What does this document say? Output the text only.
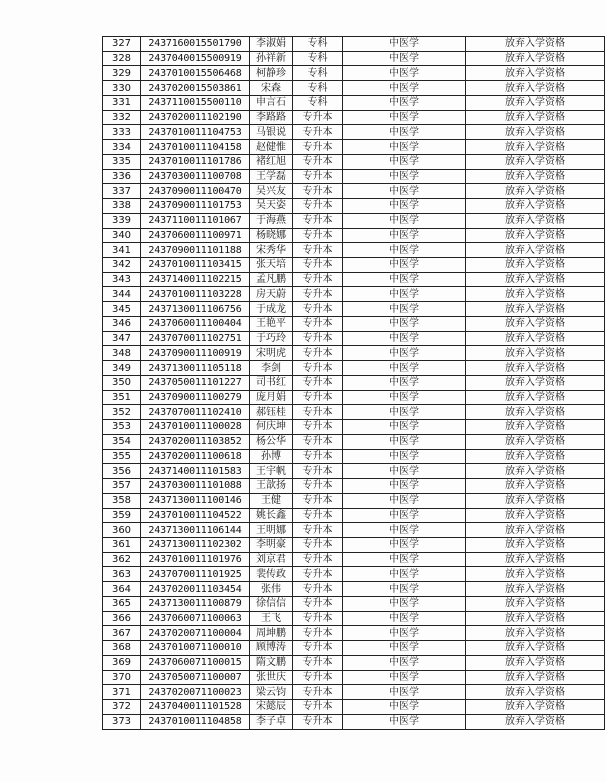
327	2437160015501790	李淑娟	专科	中医学	放弃入学资格
328	2437040015500919	孙祥新	专科	中医学	放弃入学资格
329	2437010015506468	柯静珍	专科	中医学	放弃入学资格
330	2437020015503861	宋森	专科	中医学	放弃入学资格
331	2437110015500110	申言石	专科	中医学	放弃入学资格
332	2437020011102190	李路路	专升本	中医学	放弃入学资格
333	2437010011104753	马银说	专升本	中医学	放弃入学资格
334	2437010011104158	赵健惟	专升本	中医学	放弃入学资格
335	2437010011101786	褚红旭	专升本	中医学	放弃入学资格
336	2437030011100708	王学磊	专升本	中医学	放弃入学资格
337	2437090011100470	吴兴友	专升本	中医学	放弃入学资格
338	2437090011101753	吴天姿	专升本	中医学	放弃入学资格
339	2437110011101067	于海燕	专升本	中医学	放弃入学资格
340	2437060011100971	杨晓娜	专升本	中医学	放弃入学资格
341	2437090011101188	宋秀华	专升本	中医学	放弃入学资格
342	2437010011103415	张天培	专升本	中医学	放弃入学资格
343	2437140011102215	孟凡鹏	专升本	中医学	放弃入学资格
344	2437010011103228	房天蔚	专升本	中医学	放弃入学资格
345	2437130011106756	于成龙	专升本	中医学	放弃入学资格
346	2437060011100404	王艳平	专升本	中医学	放弃入学资格
347	2437070011102751	于巧玲	专升本	中医学	放弃入学资格
348	2437090011100919	宋明虎	专升本	中医学	放弃入学资格
349	2437130011105118	李剑	专升本	中医学	放弃入学资格
350	2437050011101227	司书红	专升本	中医学	放弃入学资格
351	2437090011100279	庞月娟	专升本	中医学	放弃入学资格
352	2437070011102410	郝钰桂	专升本	中医学	放弃入学资格
353	2437010011100028	何庆坤	专升本	中医学	放弃入学资格
354	2437020011103852	杨公华	专升本	中医学	放弃入学资格
355	2437020011100618	孙博	专升本	中医学	放弃入学资格
356	2437140011101583	王宇帆	专升本	中医学	放弃入学资格
357	2437030011101088	王歆扬	专升本	中医学	放弃入学资格
358	2437130011100146	王健	专升本	中医学	放弃入学资格
359	2437010011104522	姚长鑫	专升本	中医学	放弃入学资格
360	2437130011106144	王明娜	专升本	中医学	放弃入学资格
361	2437130011102302	李明豪	专升本	中医学	放弃入学资格
362	2437010011101976	刘京君	专升本	中医学	放弃入学资格
363	2437070011101925	裴传政	专升本	中医学	放弃入学资格
364	2437020011103454	张伟	专升本	中医学	放弃入学资格
365	2437130011100879	徐信信	专升本	中医学	放弃入学资格
366	2437060071100063	王飞	专升本	中医学	放弃入学资格
367	2437020071100004	周坤鹏	专升本	中医学	放弃入学资格
368	2437010071100010	顾博涛	专升本	中医学	放弃入学资格
369	2437060071100015	隋文鹏	专升本	中医学	放弃入学资格
370	2437050071100007	张世庆	专升本	中医学	放弃入学资格
371	2437020071100023	梁云钧	专升本	中医学	放弃入学资格
372	2437040011101528	宋懿辰	专升本	中医学	放弃入学资格
373	2437010011104858	李子卓	专升本	中医学	放弃入学资格
